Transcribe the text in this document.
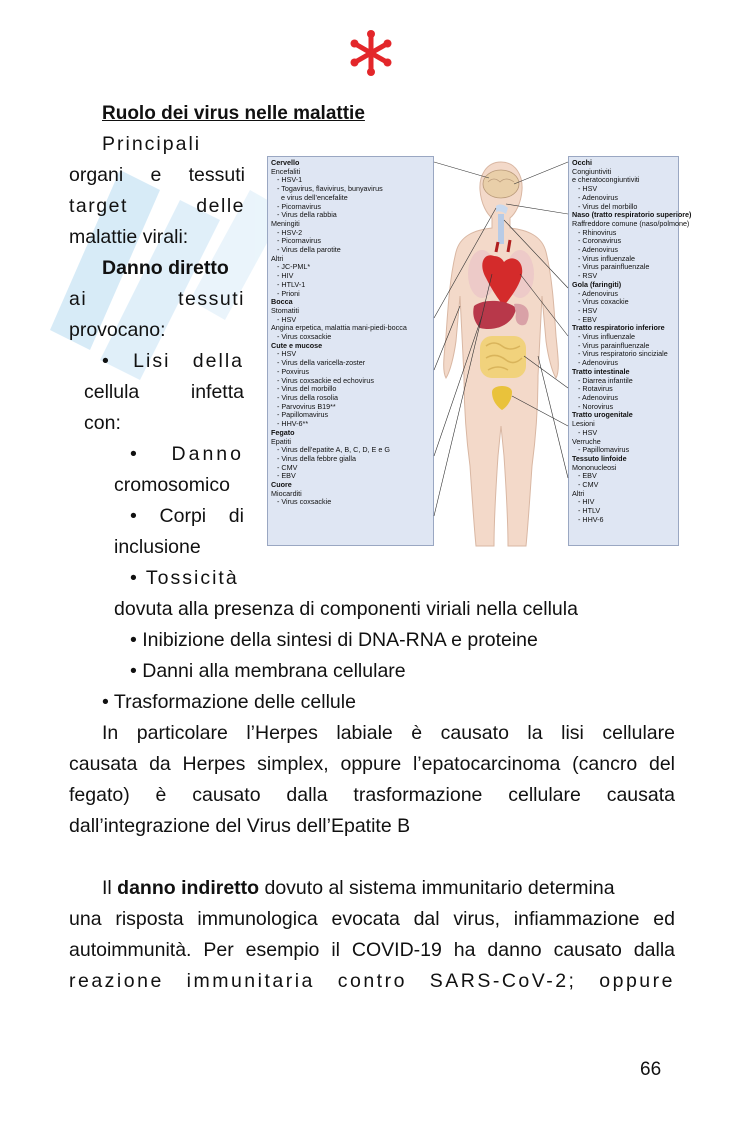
Ruolo dei virus nelle malattie

Principali

organi e tessuti

target delle

malattie virali:

Danno diretto

ai tessuti

provocano:

• Lisi della

cellula infetta

con:

• Danno

cromosomico

• Corpi di

inclusione

• Tossicità

dovuta alla presenza di componenti viriali nella cellula

• Inibizione della sintesi di DNA-RNA e proteine

• Danni alla membrana cellulare

• Trasformazione delle cellule

In particolare l’Herpes labiale è causato la lisi cellulare

causata da Herpes simplex, oppure l’epatocarcinoma (cancro del

fegato) è causato dalla trasformazione cellulare causata

dall’integrazione del Virus dell’Epatite B

Il danno indiretto dovuto al sistema immunitario determina

una risposta immunologica evocata dal virus, infiammazione ed

autoimmunità. Per esempio il COVID-19 ha danno causato dalla

reazione immunitaria contro SARS-CoV-2; oppure

66

Cervello
Encefaliti
- HSV-1
- Togavirus, flavivirus, bunyavirus
e virus dell’encefalite
- Picornavirus
- Virus della rabbia
Meningiti
- HSV-2
- Picornavirus
- Virus della parotite
Altri
- JC-PML*
- HIV
- HTLV-1
- Prioni
Bocca
Stomatiti
- HSV
Angina erpetica, malattia mani-piedi-bocca
- Virus coxsackie
Cute e mucose
- HSV
- Virus della varicella-zoster
- Poxvirus
- Virus coxsackie ed echovirus
- Virus del morbillo
- Virus della rosolia
- Parvovirus B19**
- Papillomavirus
- HHV-6**
Fegato
Epatiti
- Virus dell’epatite A, B, C, D, E e G
- Virus della febbre gialla
- CMV
- EBV
Cuore
Miocarditi
- Virus coxsackie
Occhi
Congiuntiviti
e cheratocongiuntiviti
- HSV
- Adenovirus
- Virus del morbillo
Naso (tratto respiratorio superiore)
Raffreddore comune (naso/polmone)
- Rhinovirus
- Coronavirus
- Adenovirus
- Virus influenzale
- Virus parainfluenzale
- RSV
Gola (faringiti)
- Adenovirus
- Virus coxackie
- HSV
- EBV
Tratto respiratorio inferiore
- Virus influenzale
- Virus parainfluenzale
- Virus respiratorio sinciziale
- Adenovirus
Tratto intestinale
- Diarrea infantile
- Rotavirus
- Adenovirus
- Norovirus
Tratto urogenitale
Lesioni
- HSV
Verruche
- Papillomavirus
Tessuto linfoide
Mononucleosi
- EBV
- CMV
Altri
- HIV
- HTLV
- HHV-6
